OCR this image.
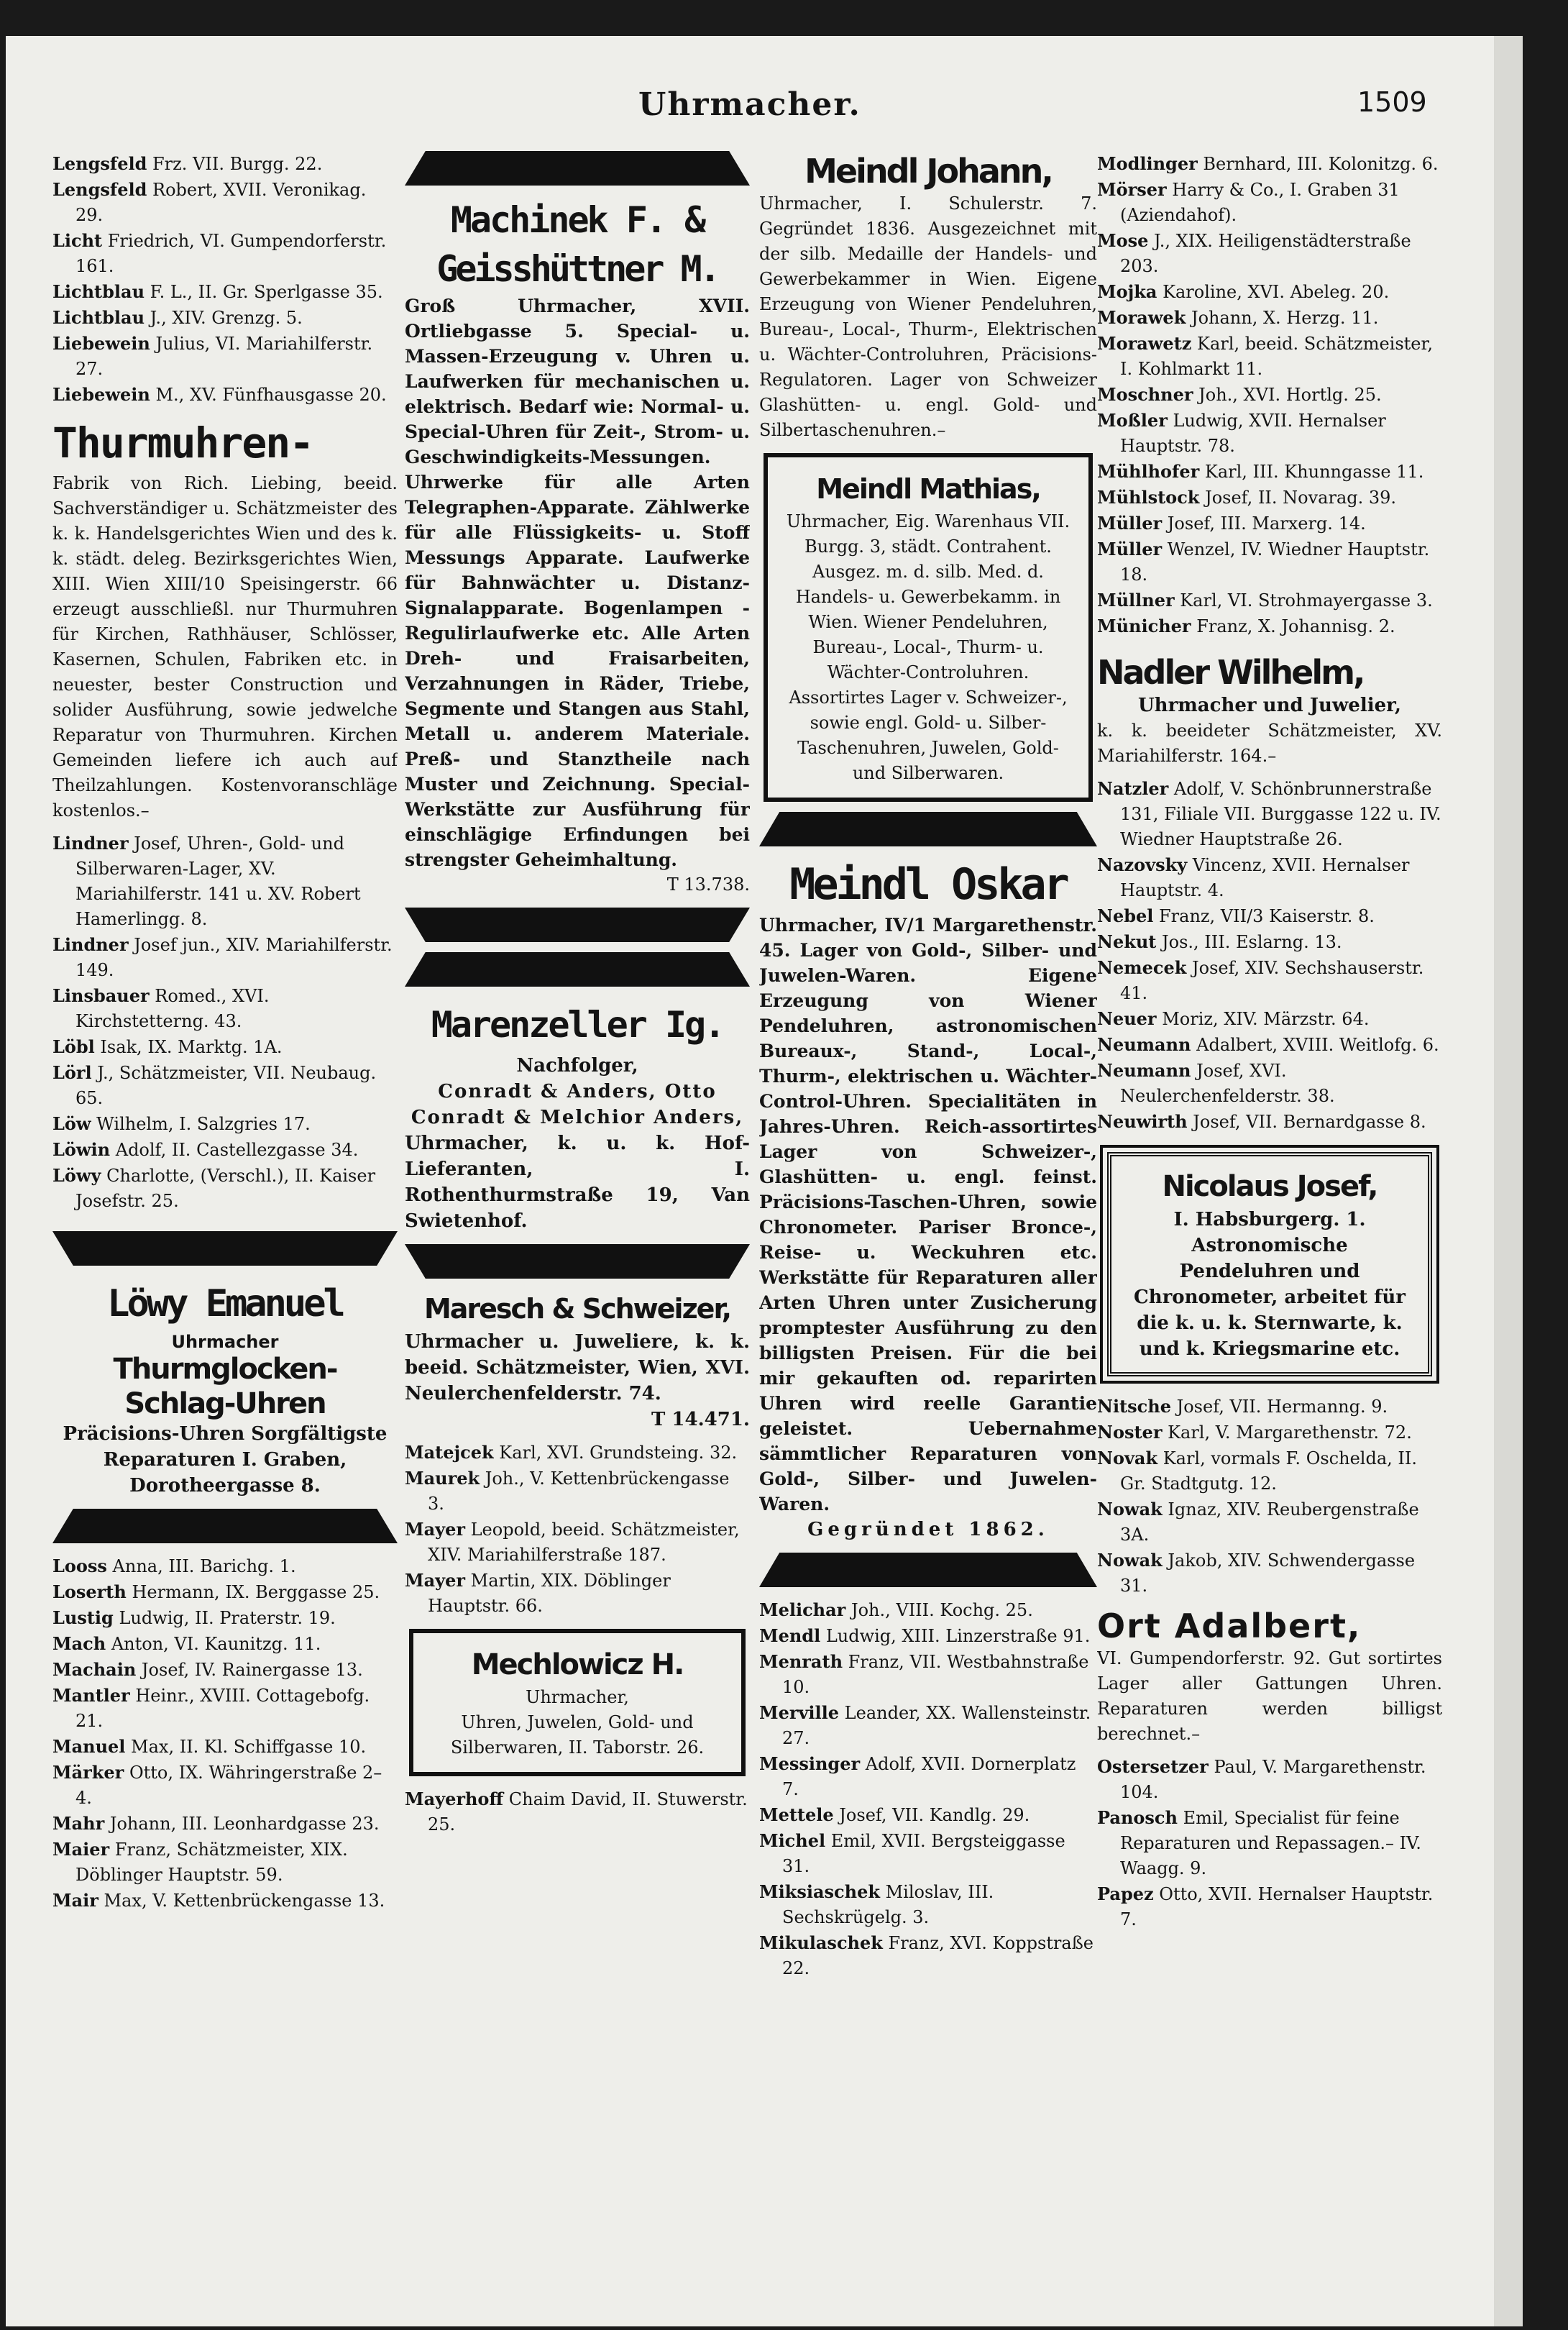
Uhrmacher.	1509
Lengsfeld Frz. VII. Burgg. 22.
Lengsfeld Robert, XVII. Veronikag. 29.
Licht Friedrich, VI. Gumpendorferstr. 161.
Lichtblau F. L., II. Gr. Sperlgasse 35.
Lichtblau J., XIV. Grenzg. 5.
Liebewein Julius, VI. Mariahilferstr. 27.
Liebewein M., XV. Fünfhausgasse 20.
Thurmuhren-
Fabrik von Rich. Liebing, beeid. Sachverständiger u. Schätzmeister des k. k. Handelsgerichtes Wien und des k. k. städt. deleg. Bezirksgerichtes Wien, XIII. Wien XIII/10 Speisingerstr. 66 erzeugt ausschließl. nur Thurmuhren für Kirchen, Rathhäuser, Schlösser, Kasernen, Schulen, Fabriken etc. in neuester, bester Construction und solider Ausführung, sowie jedwelche Reparatur von Thurmuhren. Kirchen Gemeinden liefere ich auch auf Theilzahlungen. Kostenvoranschläge kostenlos.–
Lindner Josef, Uhren-, Gold- und Silberwaren-Lager, XV. Mariahilferstr. 141 u. XV. Robert Hamerlingg. 8.
Lindner Josef jun., XIV. Mariahilferstr. 149.
Linsbauer Romed., XVI. Kirchstetterng. 43.
Löbl Isak, IX. Marktg. 1A.
Lörl J., Schätzmeister, VII. Neubaug. 65.
Löw Wilhelm, I. Salzgries 17.
Löwin Adolf, II. Castellezgasse 34.
Löwy Charlotte, (Verschl.), II. Kaiser Josefstr. 25.
Löwy Emanuel
Uhrmacher
Thurmglocken-
Schlag-Uhren
Präcisions-Uhren Sorgfältigste Reparaturen I. Graben, Dorotheergasse 8.
Looss Anna, III. Barichg. 1.
Loserth Hermann, IX. Berggasse 25.
Lustig Ludwig, II. Praterstr. 19.
Mach Anton, VI. Kaunitzg. 11.
Machain Josef, IV. Rainergasse 13.
Mantler Heinr., XVIII. Cottagebofg. 21.
Manuel Max, II. Kl. Schiffgasse 10.
Märker Otto, IX. Währingerstraße 2–4.
Mahr Johann, III. Leonhardgasse 23.
Maier Franz, Schätzmeister, XIX. Döblinger Hauptstr. 59.
Mair Max, V. Kettenbrückengasse 13.
Machinek F. &
Geisshüttner M.
Groß Uhrmacher, XVII. Ortliebgasse 5. Special- u. Massen-Erzeugung v. Uhren u. Laufwerken für mechanischen u. elektrisch. Bedarf wie: Normal- u. Special-Uhren für Zeit-, Strom- u. Geschwindigkeits-Messungen. Uhrwerke für alle Arten Telegraphen-Apparate. Zählwerke für alle Flüssigkeits- u. Stoff Messungs Apparate. Laufwerke für Bahnwächter u. Distanz-Signalapparate. Bogenlampen - Regulirlaufwerke etc. Alle Arten Dreh- und Fraisarbeiten, Verzahnungen in Räder, Triebe, Segmente und Stangen aus Stahl, Metall u. anderem Materiale. Preß- und Stanztheile nach Muster und Zeichnung. Special-Werkstätte zur Ausführung für einschlägige Erfindungen bei strengster Geheimhaltung.
T 13.738.
Marenzeller Ig.
Nachfolger,
Conradt & Anders, Otto Conradt & Melchior Anders,
Uhrmacher, k. u. k. Hof-Lieferanten, I. Rothenthurmstraße 19, Van Swietenhof.
Maresch & Schweizer,
Uhrmacher u. Juweliere, k. k. beeid. Schätzmeister, Wien, XVI. Neulerchenfelderstr. 74.
T 14.471.
Matejcek Karl, XVI. Grundsteing. 32.
Maurek Joh., V. Kettenbrückengasse 3.
Mayer Leopold, beeid. Schätzmeister, XIV. Mariahilferstraße 187.
Mayer Martin, XIX. Döblinger Hauptstr. 66.
Mechlowicz H.
Uhrmacher,
Uhren, Juwelen, Gold- und Silberwaren, II. Taborstr. 26.
Mayerhoff Chaim David, II. Stuwerstr. 25.
Meindl Johann,
Uhrmacher, I. Schulerstr. 7. Gegründet 1836. Ausgezeichnet mit der silb. Medaille der Handels- und Gewerbekammer in Wien. Eigene Erzeugung von Wiener Pendeluhren, Bureau-, Local-, Thurm-, Elektrischen u. Wächter-Controluhren, Präcisions-Regulatoren. Lager von Schweizer Glashütten- u. engl. Gold- und Silbertaschenuhren.–
Meindl Mathias,
Uhrmacher, Eig. Warenhaus VII. Burgg. 3, städt. Contrahent. Ausgez. m. d. silb. Med. d. Handels- u. Gewerbekamm. in Wien. Wiener Pendeluhren, Bureau-, Local-, Thurm- u. Wächter-Controluhren. Assortirtes Lager v. Schweizer-, sowie engl. Gold- u. Silber-Taschenuhren, Juwelen, Gold- und Silberwaren.
Meindl Oskar
Uhrmacher, IV/1 Margarethenstr. 45. Lager von Gold-, Silber- und Juwelen-Waren. Eigene Erzeugung von Wiener Pendeluhren, astronomischen Bureaux-, Stand-, Local-, Thurm-, elektrischen u. Wächter-Control-Uhren. Specialitäten in Jahres-Uhren. Reich-assortirtes Lager von Schweizer-, Glashütten- u. engl. feinst. Präcisions-Taschen-Uhren, sowie Chronometer. Pariser Bronce-, Reise- u. Weckuhren etc. Werkstätte für Reparaturen aller Arten Uhren unter Zusicherung promptester Ausführung zu den billigsten Preisen. Für die bei mir gekauften od. reparirten Uhren wird reelle Garantie geleistet. Uebernahme sämmtlicher Reparaturen von Gold-, Silber- und Juwelen-Waren.
Gegründet 1862.
Melichar Joh., VIII. Kochg. 25.
Mendl Ludwig, XIII. Linzerstraße 91.
Menrath Franz, VII. Westbahnstraße 10.
Merville Leander, XX. Wallensteinstr. 27.
Messinger Adolf, XVII. Dornerplatz 7.
Mettele Josef, VII. Kandlg. 29.
Michel Emil, XVII. Bergsteiggasse 31.
Miksiaschek Miloslav, III. Sechskrügelg. 3.
Mikulaschek Franz, XVI. Koppstraße 22.
Modlinger Bernhard, III. Kolonitzg. 6.
Mörser Harry & Co., I. Graben 31 (Aziendahof).
Mose J., XIX. Heiligenstädterstraße 203.
Mojka Karoline, XVI. Abeleg. 20.
Morawek Johann, X. Herzg. 11.
Morawetz Karl, beeid. Schätzmeister, I. Kohlmarkt 11.
Moschner Joh., XVI. Hortlg. 25.
Moßler Ludwig, XVII. Hernalser Hauptstr. 78.
Mühlhofer Karl, III. Khunngasse 11.
Mühlstock Josef, II. Novarag. 39.
Müller Josef, III. Marxerg. 14.
Müller Wenzel, IV. Wiedner Hauptstr. 18.
Müllner Karl, VI. Strohmayergasse 3.
Münicher Franz, X. Johannisg. 2.
Nadler Wilhelm,
Uhrmacher und Juwelier,
k. k. beeideter Schätzmeister, XV. Mariahilferstr. 164.–
Natzler Adolf, V. Schönbrunnerstraße 131, Filiale VII. Burggasse 122 u. IV. Wiedner Hauptstraße 26.
Nazovsky Vincenz, XVII. Hernalser Hauptstr. 4.
Nebel Franz, VII/3 Kaiserstr. 8.
Nekut Jos., III. Eslarng. 13.
Nemecek Josef, XIV. Sechshauserstr. 41.
Neuer Moriz, XIV. Märzstr. 64.
Neumann Adalbert, XVIII. Weitlofg. 6.
Neumann Josef, XVI. Neulerchenfelderstr. 38.
Neuwirth Josef, VII. Bernardgasse 8.
Nicolaus Josef,
I. Habsburgerg. 1. Astronomische Pendeluhren und Chronometer, arbeitet für die k. u. k. Sternwarte, k. und k. Kriegsmarine etc.
Nitsche Josef, VII. Hermanng. 9.
Noster Karl, V. Margarethenstr. 72.
Novak Karl, vormals F. Oschelda, II. Gr. Stadtgutg. 12.
Nowak Ignaz, XIV. Reubergenstraße 3A.
Nowak Jakob, XIV. Schwendergasse 31.
Ort Adalbert,
VI. Gumpendorferstr. 92. Gut sortirtes Lager aller Gattungen Uhren. Reparaturen werden billigst berechnet.–
Ostersetzer Paul, V. Margarethenstr. 104.
Panosch Emil, Specialist für feine Reparaturen und Repassagen.– IV. Waagg. 9.
Papez Otto, XVII. Hernalser Hauptstr. 7.
